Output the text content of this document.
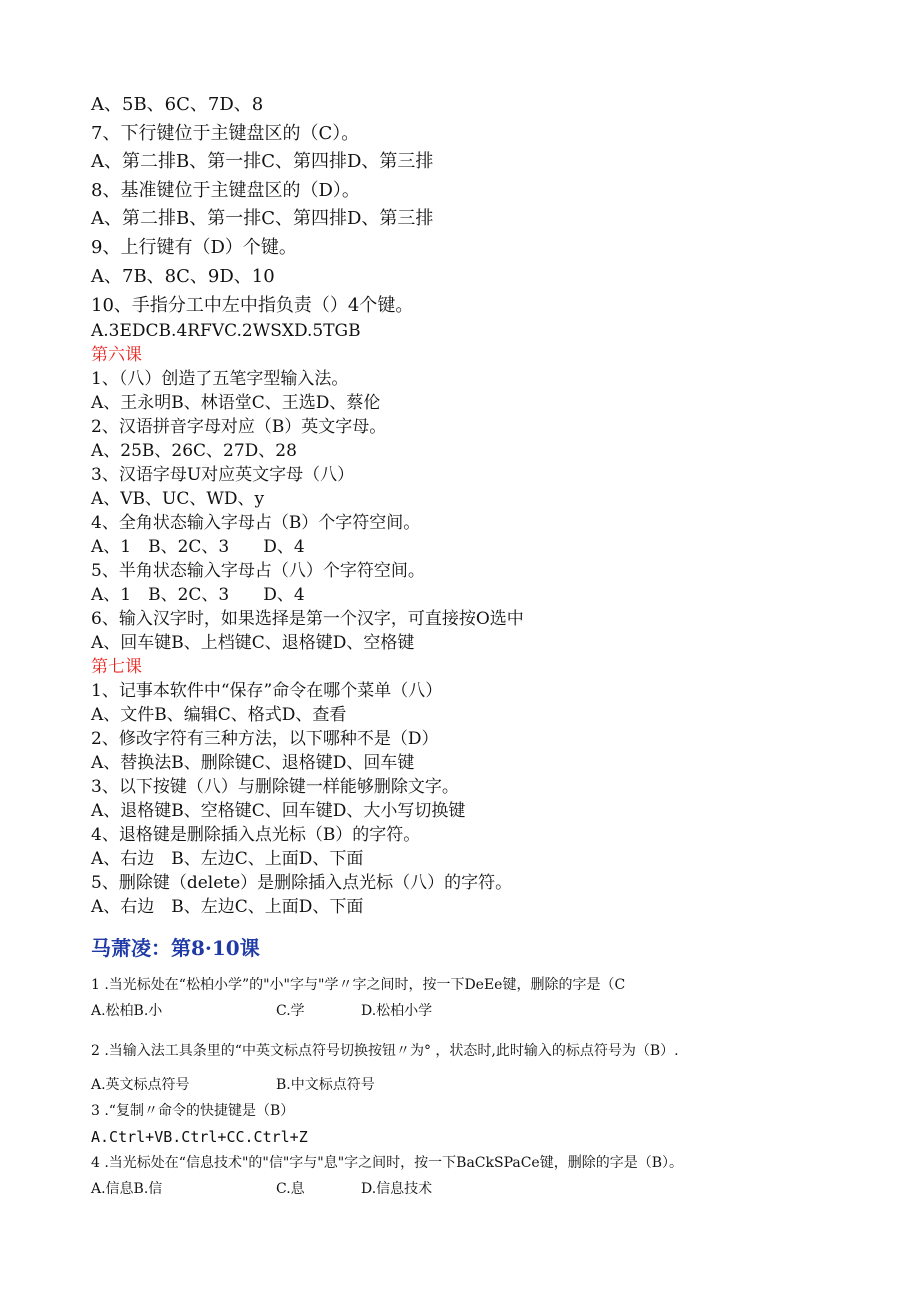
A、5B、6C、7D、8
7、下行键位于主键盘区的（C）。
A、第二排B、第一排C、第四排D、第三排
8、基准键位于主键盘区的（D）。
A、第二排B、第一排C、第四排D、第三排
9、上行键有（D）个键。
A、7B、8C、9D、10
10、手指分工中左中指负责（）4个键。
A.3EDCB.4RFVC.2WSXD.5TGB
第六课
1、（八）创造了五笔字型输入法。
A、王永明B、林语堂C、王选D、蔡伦
2、汉语拼音字母对应（B）英文字母。
A、25B、26C、27D、28
3、汉语字母U对应英文字母（八）
A、VB、UC、WD、y
4、全角状态输入字母占（B）个字符空间。
A、1　B、2C、3　　D、4
5、半角状态输入字母占（八）个字符空间。
A、1　B、2C、3　　D、4
6、输入汉字时，如果选择是第一个汉字，可直接按O选中
A、回车键B、上档键C、退格键D、空格键
第七课
1、记事本软件中“保存”命令在哪个菜单（八）
A、文件B、编辑C、格式D、查看
2、修改字符有三种方法，以下哪种不是（D）
A、替换法B、删除键C、退格键D、回车键
3、以下按键（八）与删除键一样能够删除文字。
A、退格键B、空格键C、回车键D、大小写切换键
4、退格键是删除插入点光标（B）的字符。
A、右边　B、左边C、上面D、下面
5、删除键（delete）是删除插入点光标（八）的字符。
A、右边　B、左边C、上面D、下面
马萧凌：第8·10课
1 .当光标处在“松柏小学”的"小"字与"学〃字之间时，按一下DeEe键，删除的字是（C
A.松柏B.小	C.学	D.松柏小学
2 .当输入法工具条里的“中英文标点符号切换按钮〃为° ，状态时,此时输入的标点符号为（B）.
A.英文标点符号	B.中文标点符号
3 .“复制〃命令的快捷键是（B）
A.Ctrl+VB.Ctrl+CC.Ctrl+Z
4 .当光标处在“信息技术"的"信"字与"息"字之间时，按一下BaCkSPaCe键，删除的字是（B）。
A.信息B.信	C.息	D.信息技术
